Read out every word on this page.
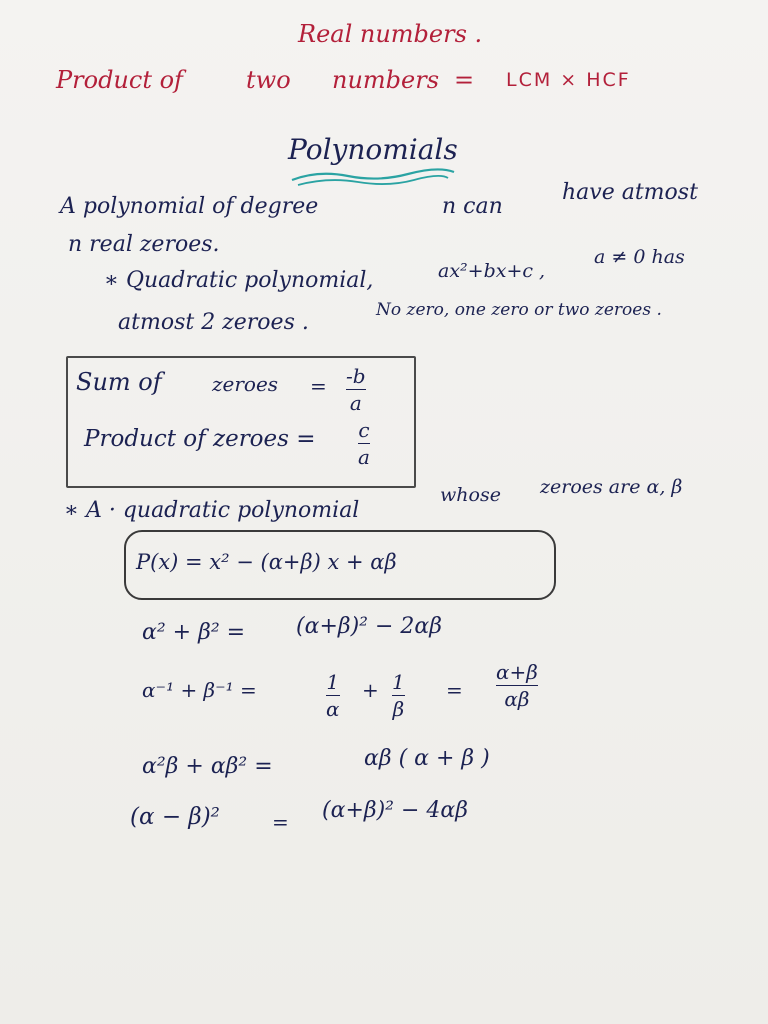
Real numbers .
Product of	two numbers = LCM × HCF
Polynomials
A polynomial of degree	n can
have atmost
n real zeroes.
∗ Quadratic polynomial,	ax²+bx+c ,
a ≠ 0 has
atmost 2 zeroes .	No zero, one zero or two zeroes .
Sum of	zeroes = -b
a
Product of zeroes = c
a
∗ A · quadratic polynomial
whose zeroes are α, β
P(x) = x² − (α+β) x + αβ
α² + β² = (α+β)² − 2αβ
α⁻¹ + β⁻¹ =	1
α
+ 1
β
=
α+β
αβ
α²β + αβ² =	αβ ( α + β )
(α − β)²	= (α+β)² − 4αβ
